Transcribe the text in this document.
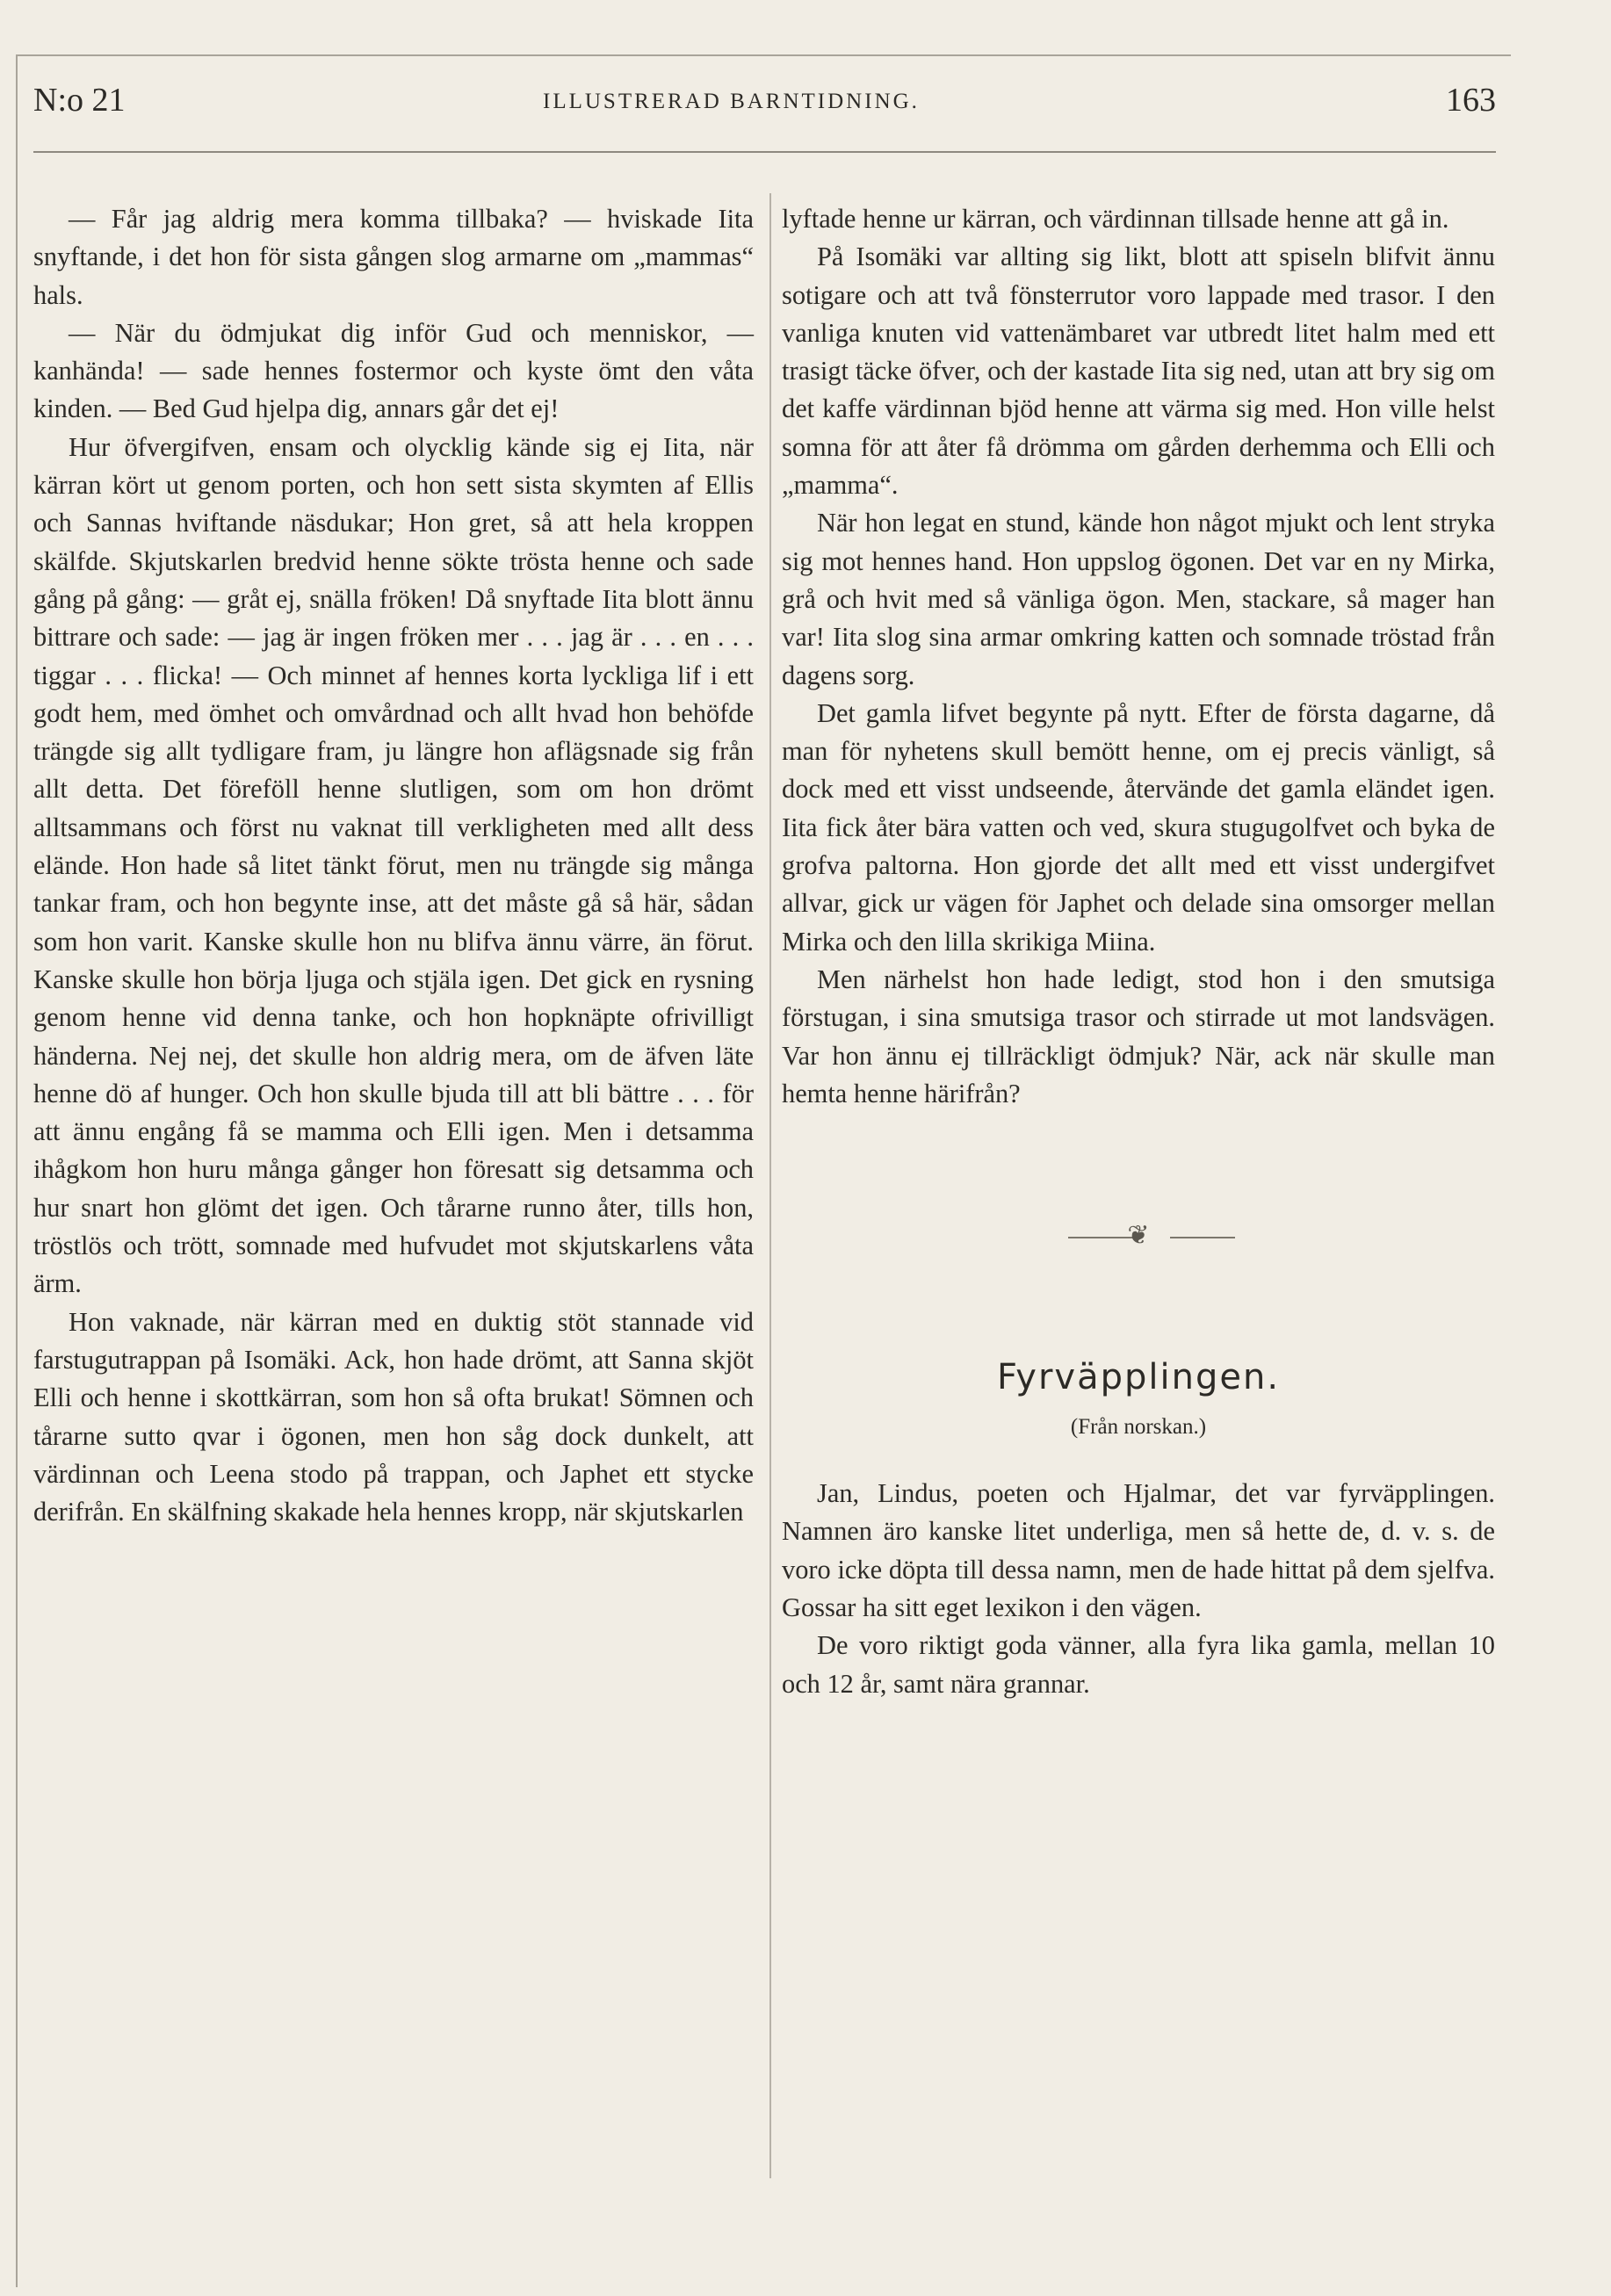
N:o 21	ILLUSTRERAD BARNTIDNING.	163

— Får jag aldrig mera komma tillbaka? — hviskade Iita snyftande, i det hon för sista gången slog armarne om „mammas“ hals.

— När du ödmjukat dig inför Gud och menniskor, — kanhända! — sade hennes fostermor och kyste ömt den våta kinden. — Bed Gud hjelpa dig, annars går det ej!

Hur öfvergifven, ensam och olycklig kände sig ej Iita, när kärran kört ut genom porten, och hon sett sista skymten af Ellis och Sannas hviftande näsdukar; Hon gret, så att hela kroppen skälfde. Skjutskarlen bredvid henne sökte trösta henne och sade gång på gång: — gråt ej, snälla fröken! Då snyftade Iita blott ännu bittrare och sade: — jag är ingen fröken mer . . . jag är . . . en . . . tiggar . . . flicka! — Och minnet af hennes korta lyckliga lif i ett godt hem, med ömhet och omvårdnad och allt hvad hon behöfde trängde sig allt tydligare fram, ju längre hon aflägsnade sig från allt detta. Det föreföll henne slutligen, som om hon drömt alltsammans och först nu vaknat till verkligheten med allt dess elände. Hon hade så litet tänkt förut, men nu trängde sig många tankar fram, och hon begynte inse, att det måste gå så här, sådan som hon varit. Kanske skulle hon nu blifva ännu värre, än förut. Kanske skulle hon börja ljuga och stjäla igen. Det gick en rysning genom henne vid denna tanke, och hon hopknäpte ofrivilligt händerna. Nej nej, det skulle hon aldrig mera, om de äfven läte henne dö af hunger. Och hon skulle bjuda till att bli bättre . . . för att ännu engång få se mamma och Elli igen. Men i detsamma ihågkom hon huru många gånger hon föresatt sig detsamma och hur snart hon glömt det igen. Och tårarne runno åter, tills hon, tröstlös och trött, somnade med hufvudet mot skjutskarlens våta ärm.

Hon vaknade, när kärran med en duktig stöt stannade vid farstugutrappan på Isomäki. Ack, hon hade drömt, att Sanna skjöt Elli och henne i skottkärran, som hon så ofta brukat! Sömnen och tårarne sutto qvar i ögonen, men hon såg dock dunkelt, att värdinnan och Leena stodo på trappan, och Japhet ett stycke derifrån. En skälfning skakade hela hennes kropp, när skjutskarlen

lyftade henne ur kärran, och värdinnan tillsade henne att gå in.

På Isomäki var allting sig likt, blott att spiseln blifvit ännu sotigare och att två fönsterrutor voro lappade med trasor. I den vanliga knuten vid vattenämbaret var utbredt litet halm med ett trasigt täcke öfver, och der kastade Iita sig ned, utan att bry sig om det kaffe värdinnan bjöd henne att värma sig med. Hon ville helst somna för att åter få drömma om gården derhemma och Elli och „mamma“.

När hon legat en stund, kände hon något mjukt och lent stryka sig mot hennes hand. Hon uppslog ögonen. Det var en ny Mirka, grå och hvit med så vänliga ögon. Men, stackare, så mager han var! Iita slog sina armar omkring katten och somnade tröstad från dagens sorg.

Det gamla lifvet begynte på nytt. Efter de första dagarne, då man för nyhetens skull bemött henne, om ej precis vänligt, så dock med ett visst undseende, återvände det gamla eländet igen. Iita fick åter bära vatten och ved, skura stugugolfvet och byka de grofva paltorna. Hon gjorde det allt med ett visst undergifvet allvar, gick ur vägen för Japhet och delade sina omsorger mellan Mirka och den lilla skrikiga Miina.

Men närhelst hon hade ledigt, stod hon i den smutsiga förstugan, i sina smutsiga trasor och stirrade ut mot landsvägen. Var hon ännu ej tillräckligt ödmjuk? När, ack när skulle man hemta henne härifrån?

❦
Fyrväpplingen.
(Från norskan.)

Jan, Lindus, poeten och Hjalmar, det var fyrväpplingen. Namnen äro kanske litet underliga, men så hette de, d. v. s. de voro icke döpta till dessa namn, men de hade hittat på dem sjelfva. Gossar ha sitt eget lexikon i den vägen.

De voro riktigt goda vänner, alla fyra lika gamla, mellan 10 och 12 år, samt nära grannar.
